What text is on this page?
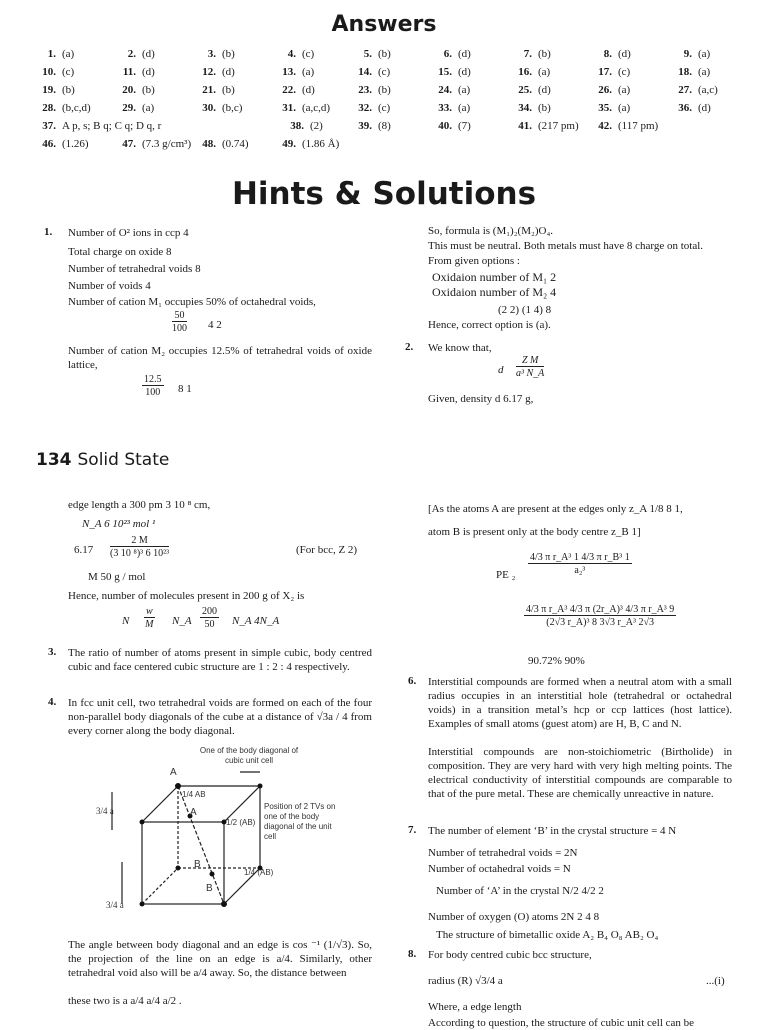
Answers
1. (a)	2. (d)	3. (b)	4. (c)	5. (b)	6. (d)	7. (b)	8. (d)	9. (a)
10. (c)	11. (d)	12. (d)	13. (a)	14. (c)	15. (d)	16. (a)	17. (c)	18. (a)
19. (b)	20. (b)	21. (b)	22. (d)	23. (b)	24. (a)	25. (d)	26. (a)	27. (a,c)
28. (b,c,d)	29. (a)	30. (b,c)	31. (a,c,d)	32. (c)	33. (a)	34. (b)	35. (a)	36. (d)
37. A p, s; B q; C q; D q, r	38. (2)	39. (8)	40. (7)	41. (217 pm)	42. (117 pm)
46. (1.26)	47. (7.3 g/cm³)	48. (0.74)	49. (1.86 Å)
Hints & Solutions
1. Number of O² ions in ccp 4
Total charge on oxide 8
Number of tetrahedral voids 8
Number of voids 4
Number of cation M₁ occupies 50% of octahedral voids,
$\frac{50}{100} 4$ 2
Number of cation M₂ occupies 12.5% of tetrahedral voids of oxide lattice,
$\frac{12.5}{100} 8$ 1
So, formula is (M₁)₂(M₂)O₄.
This must be neutral. Both metals must have 8 charge on total.
From given options :
Oxidaion number of M₁ 2
Oxidaion number of M₂ 4
(2 2) (1 4) 8
Hence, correct option is (a).
2. We know that,
d $\frac{\text{Z M}}{\text{a³ N\_A}}$
Given, density d 6.17 g,
134 Solid State
edge length a 300 pm 3 10 ⁸ cm,
N_A 6 10²³ mol ¹
$6.17 \frac{2 M}{\text{(3 10 ⁸)³ 6 10²³}}$	(For bcc, Z 2)
M 50 g / mol
Hence, number of molecules present in 200 g of X₂ is
N $\frac{w}{M}$ N_A $\frac{200}{50}$ N_A 4N_A
3. The ratio of number of atoms present in simple cubic, body centred cubic and face centered cubic structure are 1 : 2 : 4 respectively.
4. In fcc unit cell, two tetrahedral voids are formed on each of the four non-parallel body diagonals of the cube at a distance of √3a / 4 from every corner along the body diagonal.
One of the body diagonal of cubic unit cell
Position of 2 TVs on one of the body diagonal of the unit cell
A
A
B
B
1/4 AB
1/2 (AB)
1/4 (AB)
3/4 a
3/4 a
The angle between body diagonal and an edge is cos ⁻¹ (1/√3). So, the projection of the line on an edge is a/4. Similarly, other tetrahedral void also will be a/4 away. So, the distance between
these two is a a/4 a/4 a/2 .
[As the atoms A are present at the edges only z_A 1/8 8 1,
atom B is present only at the body centre z_B 1]
PE $_2 \frac{\text{4/3 π r\_A³ 1 4/3 π r\_B³ 1}}{\text{a₂³}}$
$\frac{\text{4/3 π r\_A³ 4/3 π (2r\_A)³ 4/3 π r\_A³ 9}}{\text{(2√3 r\_A)³ 8 3√3 r\_A³ 2√3}}$
90.72% 90%
6. Interstitial compounds are formed when a neutral atom with a small radius occupies in an interstitial hole (tetrahedral or octahedral voids) in a transition metal’s hcp or ccp lattices (host lattice). Examples of small atoms (guest atom) are H, B, C and N.
Interstitial compounds are non-stoichiometric (Birtholide) in composition. They are very hard with very high melting points. The electrical conductivity of interstitial compounds are comparable to that of the pure metal. These are chemically unreactive in nature.
7. The number of element ‘B’ in the crystal structure = 4 N
Number of tetrahedral voids = 2N
Number of octahedral voids = N
Number of ‘A’ in the crystal N/2 4/2 2
Number of oxygen (O) atoms 2N 2 4 8
The structure of bimetallic oxide A₂ B₄ O₈ AB₂ O₄
8. For body centred cubic bcc structure,
radius (R) √3/4 a	...(i)
Where, a edge length
According to question, the structure of cubic unit cell can be
